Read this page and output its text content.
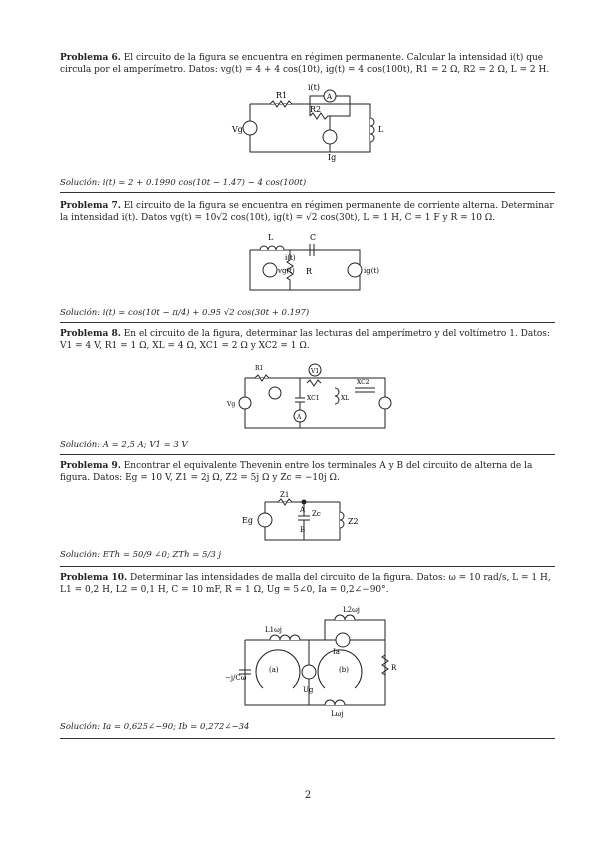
Problema 6. El circuito de la figura se encuentra en régimen permanente. Calcular la intensidad i(t) que circula por el amperímetro. Datos: vg(t) = 4 + 4 cos(10t), ig(t) = 4 cos(100t), R1 = 2 Ω, R2 = 2 Ω, L = 2 H.

Vg
R1
R2
i(t)
A
Ig
L
Solución: i(t) = 2 + 0.1990 cos(10t − 1.47) − 4 cos(100t)

Problema 7. El circuito de la figura se encuentra en régimen permanente de corriente alterna. Determinar la intensidad i(t). Datos vg(t) = 10√2 cos(10t), ig(t) = √2 cos(30t), L = 1 H, C = 1 F y R = 10 Ω.

L	C
i(t)
vg(t) R	ig(t)
Solución: i(t) = cos(10t − π/4) + 0.95 √2 cos(30t + 0.197)

Problema 8. En el circuito de la figura, determinar las lecturas del amperímetro y del voltímetro 1. Datos: V1 = 4 V, R1 = 1 Ω, XL = 4 Ω, XC1 = 2 Ω y XC2 = 1 Ω.

R1	V1
Vg
XC1	XL
XC2
A
Solución: A = 2,5 A; V1 = 3 V

Problema 9. Encontrar el equivalente Thevenin entre los terminales A y B del circuito de alterna de la figura. Datos: Eg = 10 V, Z1 = 2j Ω, Z2 = 5j Ω y Zc = −10j Ω.

Eg
Z1
A Zc
B
Z2
Solución: ETh = 50/9 ∠0; ZTh = 5/3 j

Problema 10. Determinar las intensidades de malla del circuito de la figura. Datos: ω = 10 rad/s, L = 1 H, L1 = 0,2 H, L2 = 0,1 H, C = 10 mF, R = 1 Ω, Ug = 5∠0, Ia = 0,2∠−90°.

L1ωj
L2ωj
−j/Cω
(a)
Ug
Ia
(b)	R
Lωj
Solución: Ia = 0,625∠−90; Ib = 0,272∠−34
2
